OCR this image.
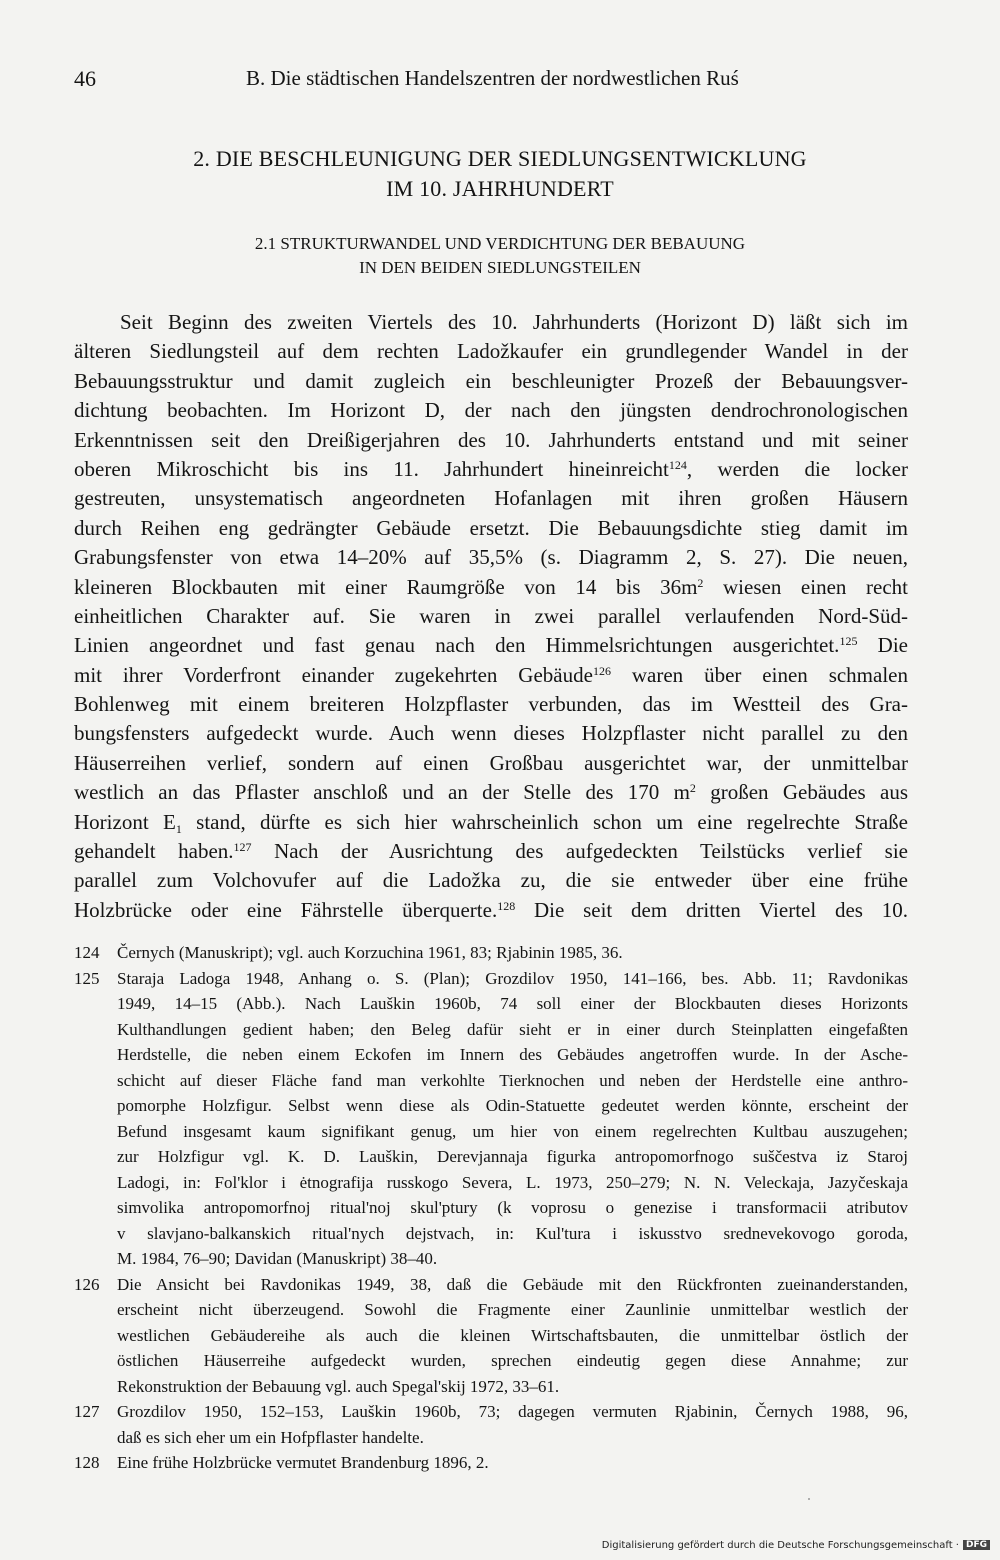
46	B. Die städtischen Handelszentren der nordwestlichen Ruś
2. DIE BESCHLEUNIGUNG DER SIEDLUNGSENTWICKLUNG
IM 10. JAHRHUNDERT
2.1 STRUKTURWANDEL UND VERDICHTUNG DER BEBAUUNG
IN DEN BEIDEN SIEDLUNGSTEILEN
Seit Beginn des zweiten Viertels des 10. Jahrhunderts (Horizont D) läßt sich im
älteren Siedlungsteil auf dem rechten Ladožkaufer ein grundlegender Wandel in der
Bebauungsstruktur und damit zugleich ein beschleunigter Prozeß der Bebauungsver-
dichtung beobachten. Im Horizont D, der nach den jüngsten dendrochronologischen
Erkenntnissen seit den Dreißigerjahren des 10. Jahrhunderts entstand und mit seiner
oberen Mikroschicht bis ins 11. Jahrhundert hineinreicht$^{124}$, werden die locker
gestreuten, unsystematisch angeordneten Hofanlagen mit ihren großen Häusern
durch Reihen eng gedrängter Gebäude ersetzt. Die Bebauungsdichte stieg damit im
Grabungsfenster von etwa 14–20% auf 35,5% (s. Diagramm 2, S. 27). Die neuen,
kleineren Blockbauten mit einer Raumgröße von 14 bis $36m^2$ wiesen einen recht
einheitlichen Charakter auf. Sie waren in zwei parallel verlaufenden Nord-Süd-
Linien angeordnet und fast genau nach den Himmelsrichtungen ausgerichtet.$^{125}$ Die
mit ihrer Vorderfront einander zugekehrten Gebäude$^{126}$ waren über einen schmalen
Bohlenweg mit einem breiteren Holzpflaster verbunden, das im Westteil des Gra-
bungsfensters aufgedeckt wurde. Auch wenn dieses Holzpflaster nicht parallel zu den
Häuserreihen verlief, sondern auf einen Großbau ausgerichtet war, der unmittelbar
westlich an das Pflaster anschloß und an der Stelle des 170 $m^2$ großen Gebäudes aus
Horizont $E_1$ stand, dürfte es sich hier wahrscheinlich schon um eine regelrechte Straße
gehandelt haben.$^{127}$ Nach der Ausrichtung des aufgedeckten Teilstücks verlief sie
parallel zum Volchovufer auf die Ladožka zu, die sie entweder über eine frühe
Holzbrücke oder eine Fährstelle überquerte.$^{128}$ Die seit dem dritten Viertel des 10.
124 Černych (Manuskript); vgl. auch Korzuchina 1961, 83; Rjabinin 1985, 36.
125 Staraja Ladoga 1948, Anhang o. S. (Plan); Grozdilov 1950, 141–166, bes. Abb. 11; Ravdonikas
1949, 14–15 (Abb.). Nach Lauškin 1960b, 74 soll einer der Blockbauten dieses Horizonts
Kulthandlungen gedient haben; den Beleg dafür sieht er in einer durch Steinplatten eingefaßten
Herdstelle, die neben einem Eckofen im Innern des Gebäudes angetroffen wurde. In der Asche-
schicht auf dieser Fläche fand man verkohlte Tierknochen und neben der Herdstelle eine anthro-
pomorphe Holzfigur. Selbst wenn diese als Odin-Statuette gedeutet werden könnte, erscheint der
Befund insgesamt kaum signifikant genug, um hier von einem regelrechten Kultbau auszugehen;
zur Holzfigur vgl. K. D. Lauškin, Derevjannaja figurka antropomorfnogo suščestva iz Staroj
Ladogi, in: Fol'klor i ėtnografija russkogo Severa, L. 1973, 250–279; N. N. Veleckaja, Jazyčeskaja
simvolika antropomorfnoj ritual'noj skul'ptury (k voprosu o genezise i transformacii atributov
v slavjano-balkanskich ritual'nych dejstvach, in: Kul'tura i iskusstvo srednevekovogo goroda,
M. 1984, 76–90; Davidan (Manuskript) 38–40.
126 Die Ansicht bei Ravdonikas 1949, 38, daß die Gebäude mit den Rückfronten zueinanderstanden,
erscheint nicht überzeugend. Sowohl die Fragmente einer Zaunlinie unmittelbar westlich der
westlichen Gebäudereihe als auch die kleinen Wirtschaftsbauten, die unmittelbar östlich der
östlichen Häuserreihe aufgedeckt wurden, sprechen eindeutig gegen diese Annahme; zur
Rekonstruktion der Bebauung vgl. auch Spegal'skij 1972, 33–61.
127 Grozdilov 1950, 152–153, Lauškin 1960b, 73; dagegen vermuten Rjabinin, Černych 1988, 96,
daß es sich eher um ein Hofpflaster handelte.
128 Eine frühe Holzbrücke vermutet Brandenburg 1896, 2.
Digitalisierung gefördert durch die Deutsche Forschungsgemeinschaft · DFG
